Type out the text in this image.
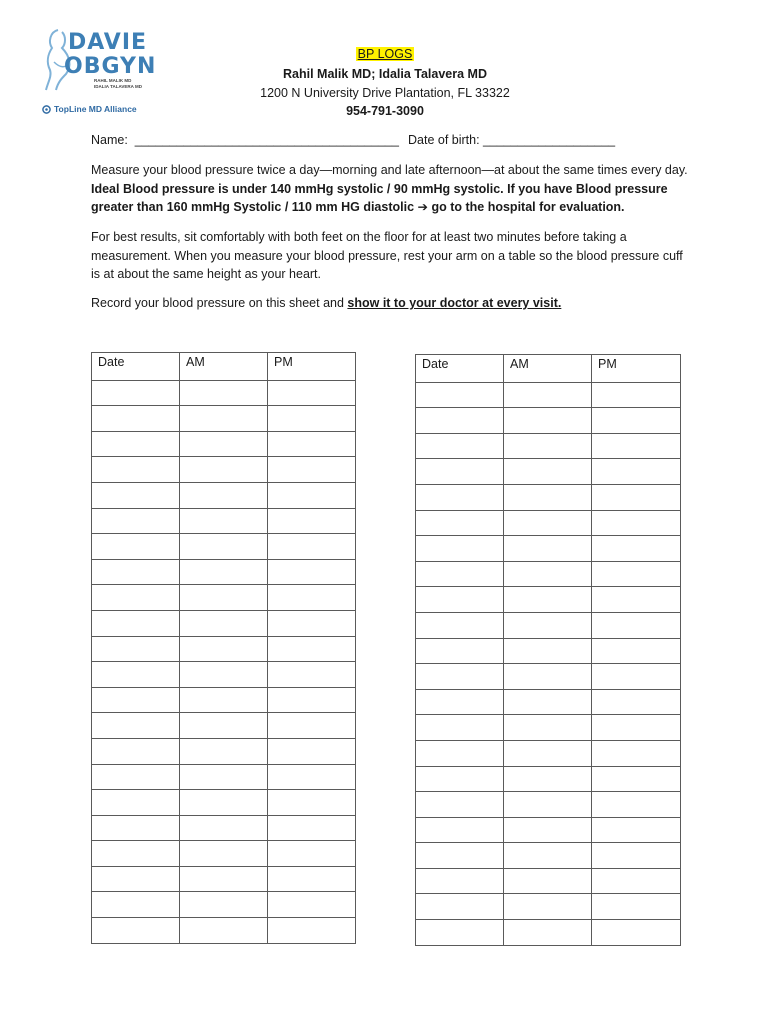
DAVIE
OBGYN
RAHIL MALIK MD
IDALIA TALAVERA MD
TopLine MD Alliance
BP LOGS
Rahil Malik MD; Idalia Talavera MD
1200 N University Drive Plantation, FL 33322
954-791-3090
Name:  ______________________________________ Date of birth: ___________________
Measure your blood pressure twice a day—morning and late afternoon—at about the same times every day. Ideal Blood pressure is under 140 mmHg systolic / 90 mmHg systolic. If you have Blood pressure greater than 160 mmHg Systolic / 110 mm HG diastolic ➔ go to the hospital for evaluation.
For best results, sit comfortably with both feet on the floor for at least two minutes before taking a measurement. When you measure your blood pressure, rest your arm on a table so the blood pressure cuff is at about the same height as your heart.
Record your blood pressure on this sheet and show it to your doctor at every visit.
Date	AM	PM

			Date	AM	PM
